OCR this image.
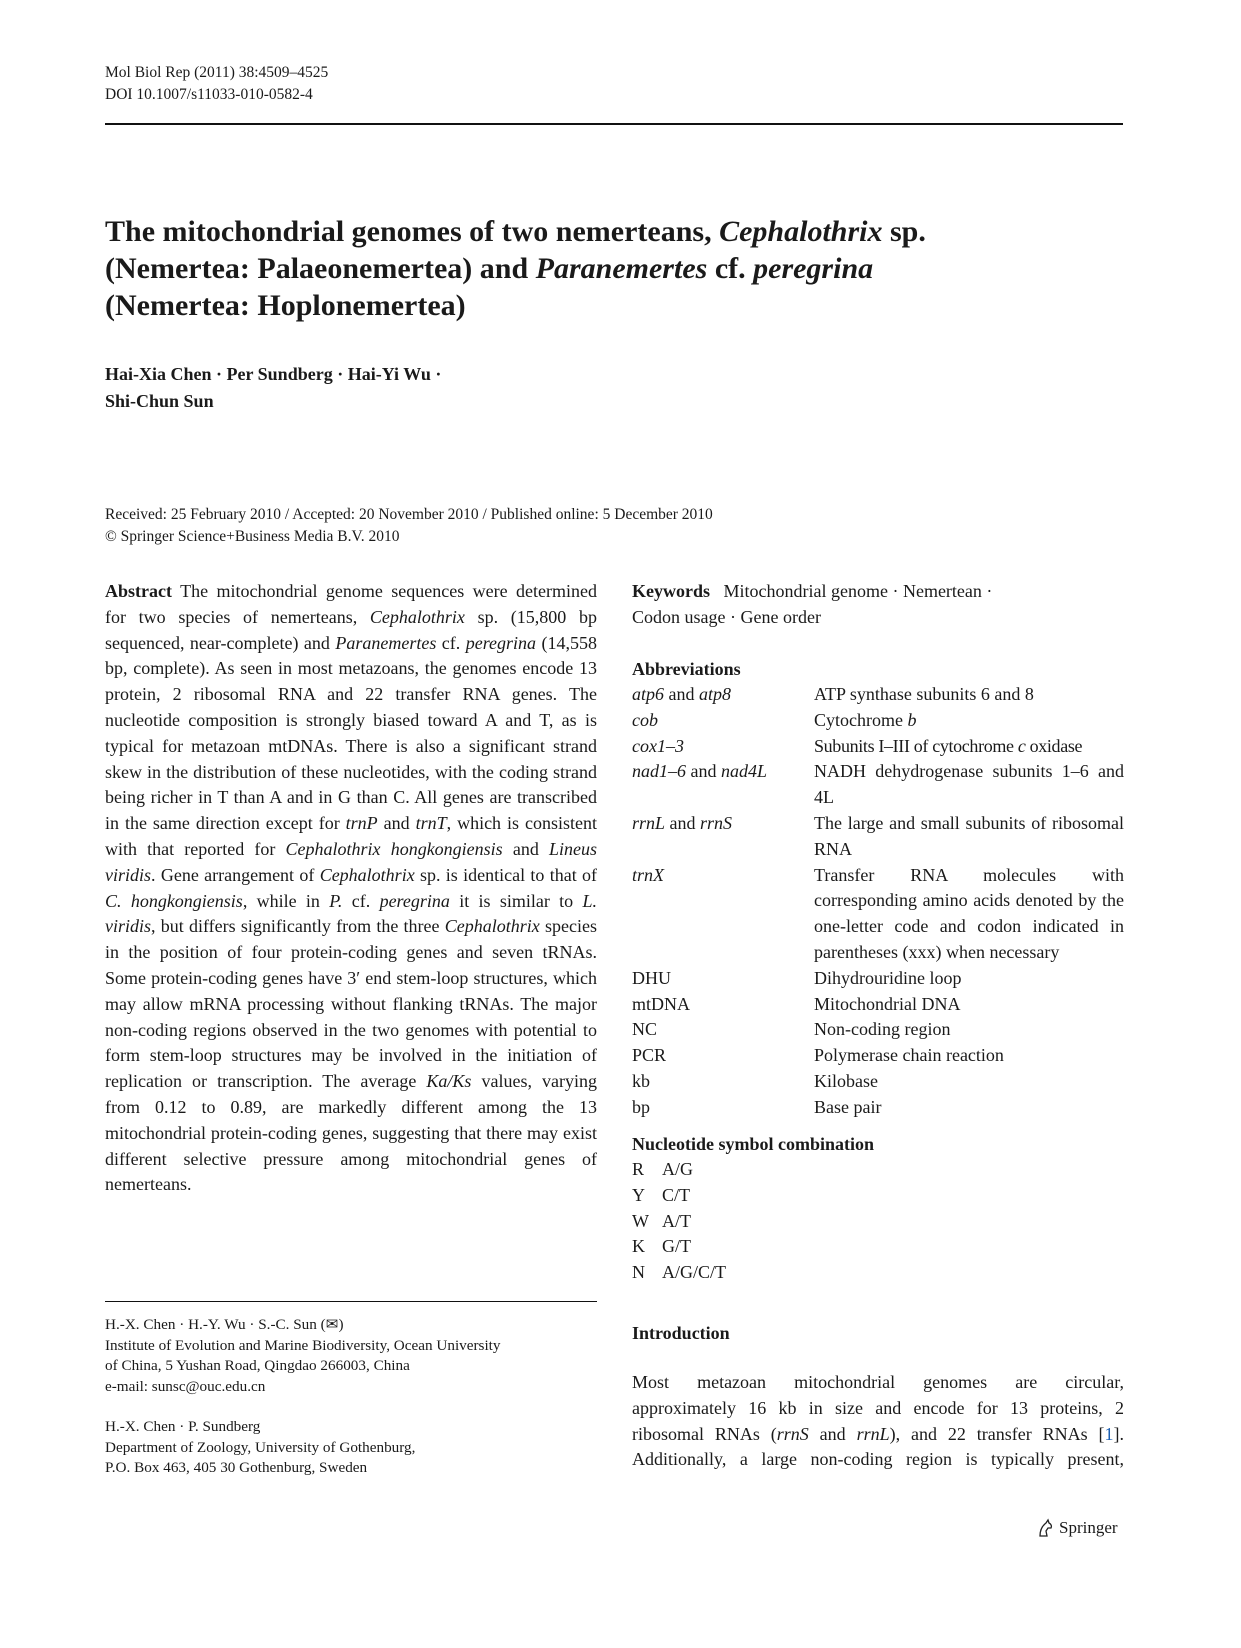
Mol Biol Rep (2011) 38:4509–4525
DOI 10.1007/s11033-010-0582-4
The mitochondrial genomes of two nemerteans, Cephalothrix sp.
(Nemertea: Palaeonemertea) and Paranemertes cf. peregrina
(Nemertea: Hoplonemertea)
Hai-Xia Chen · Per Sundberg · Hai-Yi Wu ·
Shi-Chun Sun
Received: 25 February 2010 / Accepted: 20 November 2010 / Published online: 5 December 2010
© Springer Science+Business Media B.V. 2010

Abstract The mitochondrial genome sequences were determined for two species of nemerteans, Cephalothrix sp. (15,800 bp sequenced, near-complete) and Paranemertes cf. peregrina (14,558 bp, complete). As seen in most metazoans, the genomes encode 13 protein, 2 ribosomal RNA and 22 transfer RNA genes. The nucleotide composition is strongly biased toward A and T, as is typical for metazoan mtDNAs. There is also a significant strand skew in the distribution of these nucleotides, with the coding strand being richer in T than A and in G than C. All genes are transcribed in the same direction except for trnP and trnT, which is consistent with that reported for Cephalothrix hongkongiensis and Lineus viridis. Gene arrangement of Cephalothrix sp. is identical to that of C. hongkongiensis, while in P. cf. peregrina it is similar to L. viridis, but differs significantly from the three Cephalothrix species in the position of four protein-coding genes and seven tRNAs. Some protein-coding genes have 3′ end stem-loop structures, which may allow mRNA processing without flanking tRNAs. The major non-coding regions observed in the two genomes with potential to form stem-loop structures may be involved in the initiation of replication or transcription. The average Ka/Ks values, varying from 0.12 to 0.89, are markedly different among the 13 mitochondrial protein-coding genes, suggesting that there may exist different selective pressure among mitochondrial genes of nemerteans.

H.-X. Chen · H.-Y. Wu · S.-C. Sun (✉)
Institute of Evolution and Marine Biodiversity, Ocean University
of China, 5 Yushan Road, Qingdao 266003, China
e-mail: sunsc@ouc.edu.cn
H.-X. Chen · P. Sundberg
Department of Zoology, University of Gothenburg,
P.O. Box 463, 405 30 Gothenburg, Sweden
Keywords Mitochondrial genome · Nemertean ·
Codon usage · Gene order
Abbreviations
atp6 and atp8	ATP synthase subunits 6 and 8
cob	Cytochrome b
cox1–3	Subunits I–III of cytochrome c oxidase
nad1–6 and nad4L	NADH dehydrogenase subunits 1–6 and 4L
rrnL and rrnS	The large and small subunits of ribosomal RNA
trnX	Transfer RNA molecules with corresponding amino acids denoted by the one-letter code and codon indicated in parentheses (xxx) when necessary
DHU	Dihydrouridine loop
mtDNA	Mitochondrial DNA
NC	Non-coding region
PCR	Polymerase chain reaction
kb	Kilobase
bp	Base pair
Nucleotide symbol combination
R A/G
Y C/T
W A/T
K G/T
N A/G/C/T
Introduction
Most metazoan mitochondrial genomes are circular,
approximately 16 kb in size and encode for 13 proteins, 2
ribosomal RNAs (rrnS and rrnL), and 22 transfer RNAs [1].
Additionally, a large non-coding region is typically present,
Springer
